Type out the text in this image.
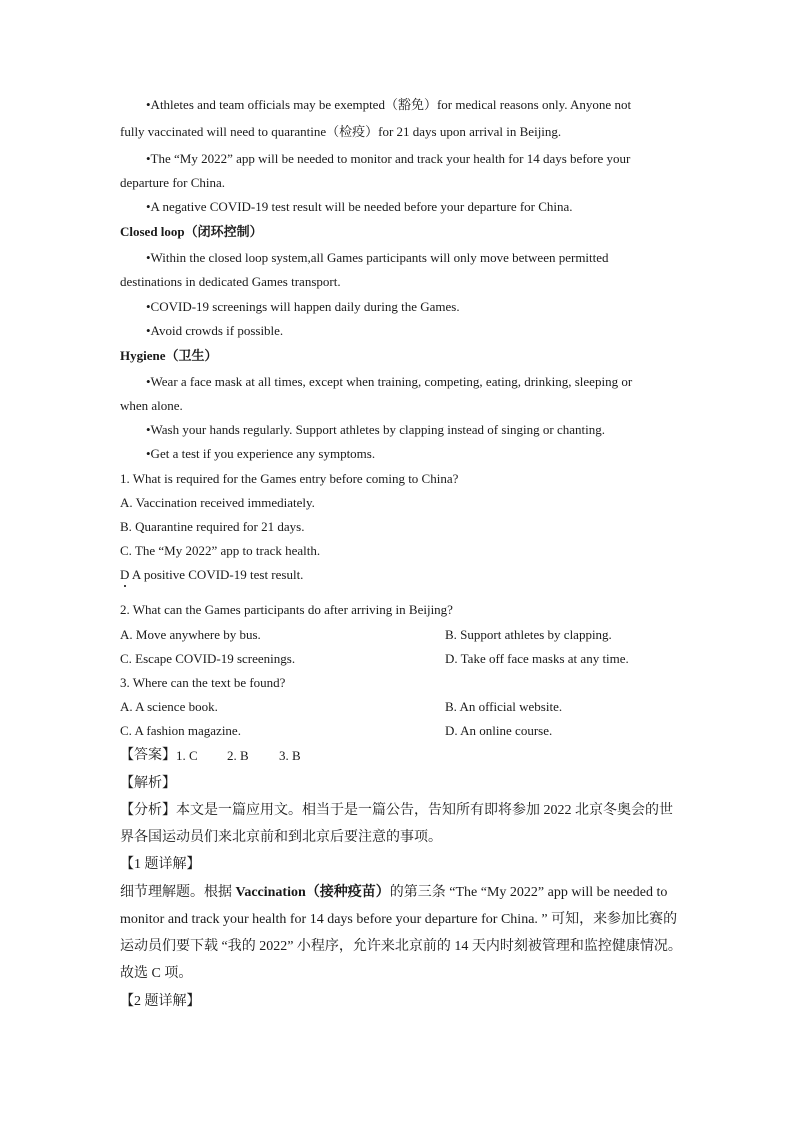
•Athletes and team officials may be exempted（豁免）for medical reasons only. Anyone not
fully vaccinated will need to quarantine（检疫）for 21 days upon arrival in Beijing.
•The “My 2022” app will be needed to monitor and track your health for 14 days before your
departure for China.
•A negative COVID-19 test result will be needed before your departure for China.
Closed loop（闭环控制）
•Within the closed loop system,all Games participants will only move between permitted
destinations in dedicated Games transport.
•COVID-19 screenings will happen daily during the Games.
•Avoid crowds if possible.
Hygiene（卫生）
•Wear a face mask at all times, except when training, competing, eating, drinking, sleeping or
when alone.
•Wash your hands regularly. Support athletes by clapping instead of singing or chanting.
•Get a test if you experience any symptoms.
1. What is required for the Games entry before coming to China?
A. Vaccination received immediately.
B. Quarantine required for 21 days.
C. The “My 2022” app to track health.
D A positive COVID-19 test result.
2. What can the Games participants do after arriving in Beijing?
A. Move anywhere by bus.	B. Support athletes by clapping.
C. Escape COVID-19 screenings.	D. Take off face masks at any time.
3. Where can the text be found?
A. A science book.	B. An official website.
C. A fashion magazine.	D. An online course.
【答案】 1. C 2. B 3. B
【解析】
【分析】本文是一篇应用文。相当于是一篇公告，告知所有即将参加 2022 北京冬奥会的世
界各国运动员们来北京前和到北京后要注意的事项。
【1 题详解】
细节理解题。根据 Vaccination（接种疫苗）的第三条 “The “My 2022” app will be needed to
monitor and track your health for 14 days before your departure for China. ” 可知，来参加比赛的
运动员们要下载 “我的 2022” 小程序，允许来北京前的 14 天内时刻被管理和监控健康情况。
故选 C 项。
【2 题详解】
